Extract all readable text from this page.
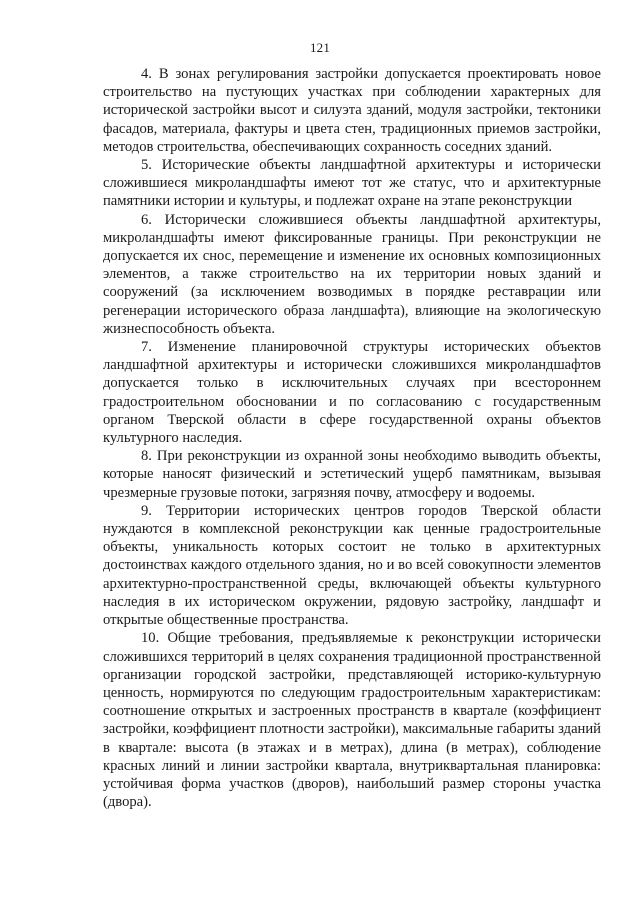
121

4. В зонах регулирования застройки допускается проектировать новое строительство на пустующих участках при соблюдении характерных для исторической застройки высот и силуэта зданий, модуля застройки, тектоники фасадов, материала, фактуры и цвета стен, традиционных приемов застройки, методов строительства, обеспечивающих сохранность соседних зданий.

5. Исторические объекты ландшафтной архитектуры и исторически сложившиеся микроландшафты имеют тот же статус, что и архитектурные памятники истории и культуры, и подлежат охране на этапе реконструкции

6. Исторически сложившиеся объекты ландшафтной архитектуры, микроландшафты имеют фиксированные границы. При реконструкции не допускается их снос, перемещение и изменение их основных композиционных элементов, а также строительство на их территории новых зданий и сооружений (за исключением возводимых в порядке реставрации или регенерации исторического образа ландшафта), влияющие на экологическую жизнеспособность объекта.

7. Изменение планировочной структуры исторических объектов ландшафтной архитектуры и исторически сложившихся микроландшафтов допускается только в исключительных случаях при всестороннем градостроительном обосновании и по согласованию с государственным органом Тверской области в сфере государственной охраны объектов культурного наследия.

8. При реконструкции из охранной зоны необходимо выводить объекты, которые наносят физический и эстетический ущерб памятникам, вызывая чрезмерные грузовые потоки, загрязняя почву, атмосферу и водоемы.

9. Территории исторических центров городов Тверской области нуждаются в комплексной реконструкции как ценные градостроительные объекты, уникальность которых состоит не только в архитектурных достоинствах каждого отдельного здания, но и во всей совокупности элементов архитектурно-пространственной среды, включающей объекты культурного наследия в их историческом окружении, рядовую застройку, ландшафт и открытые общественные пространства.

10. Общие требования, предъявляемые к реконструкции исторически сложившихся территорий в целях сохранения традиционной пространственной организации городской застройки, представляющей историко-культурную ценность, нормируются по следующим градостроительным характеристикам: соотношение открытых и застроенных пространств в квартале (коэффициент застройки, коэффициент плотности застройки), максимальные габариты зданий в квартале: высота (в этажах и в метрах), длина (в метрах), соблюдение красных линий и линии застройки квартала, внутриквартальная планировка: устойчивая форма участков (дворов), наибольший размер стороны участка (двора).
